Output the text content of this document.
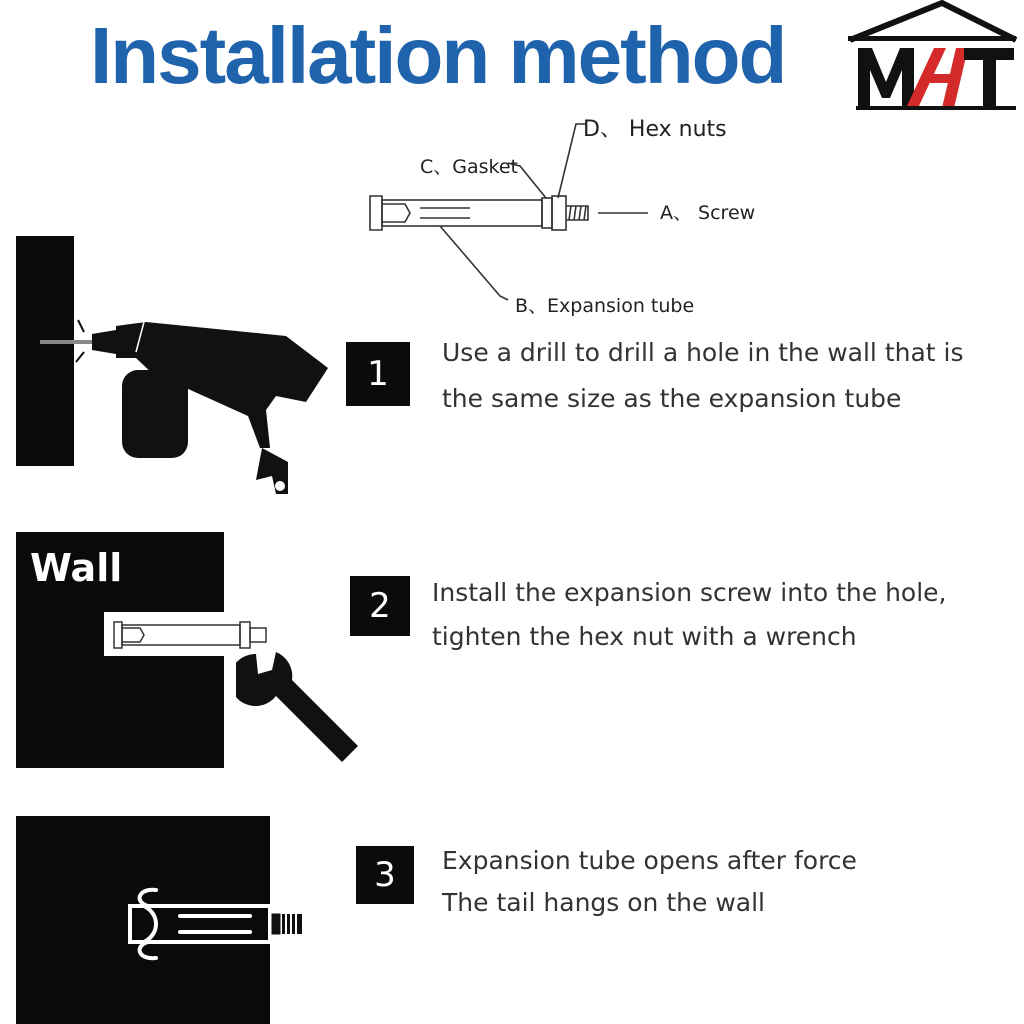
Installation method
D、 Hex nuts
C、Gasket
A、 Screw
B、Expansion tube
1
Use a drill to drill a hole in the wall that is
the same size as the expansion tube
Wall
2	Install the expansion screw into the hole,
tighten the hex nut with a wrench
3	Expansion tube opens after force
The tail hangs on the wall
